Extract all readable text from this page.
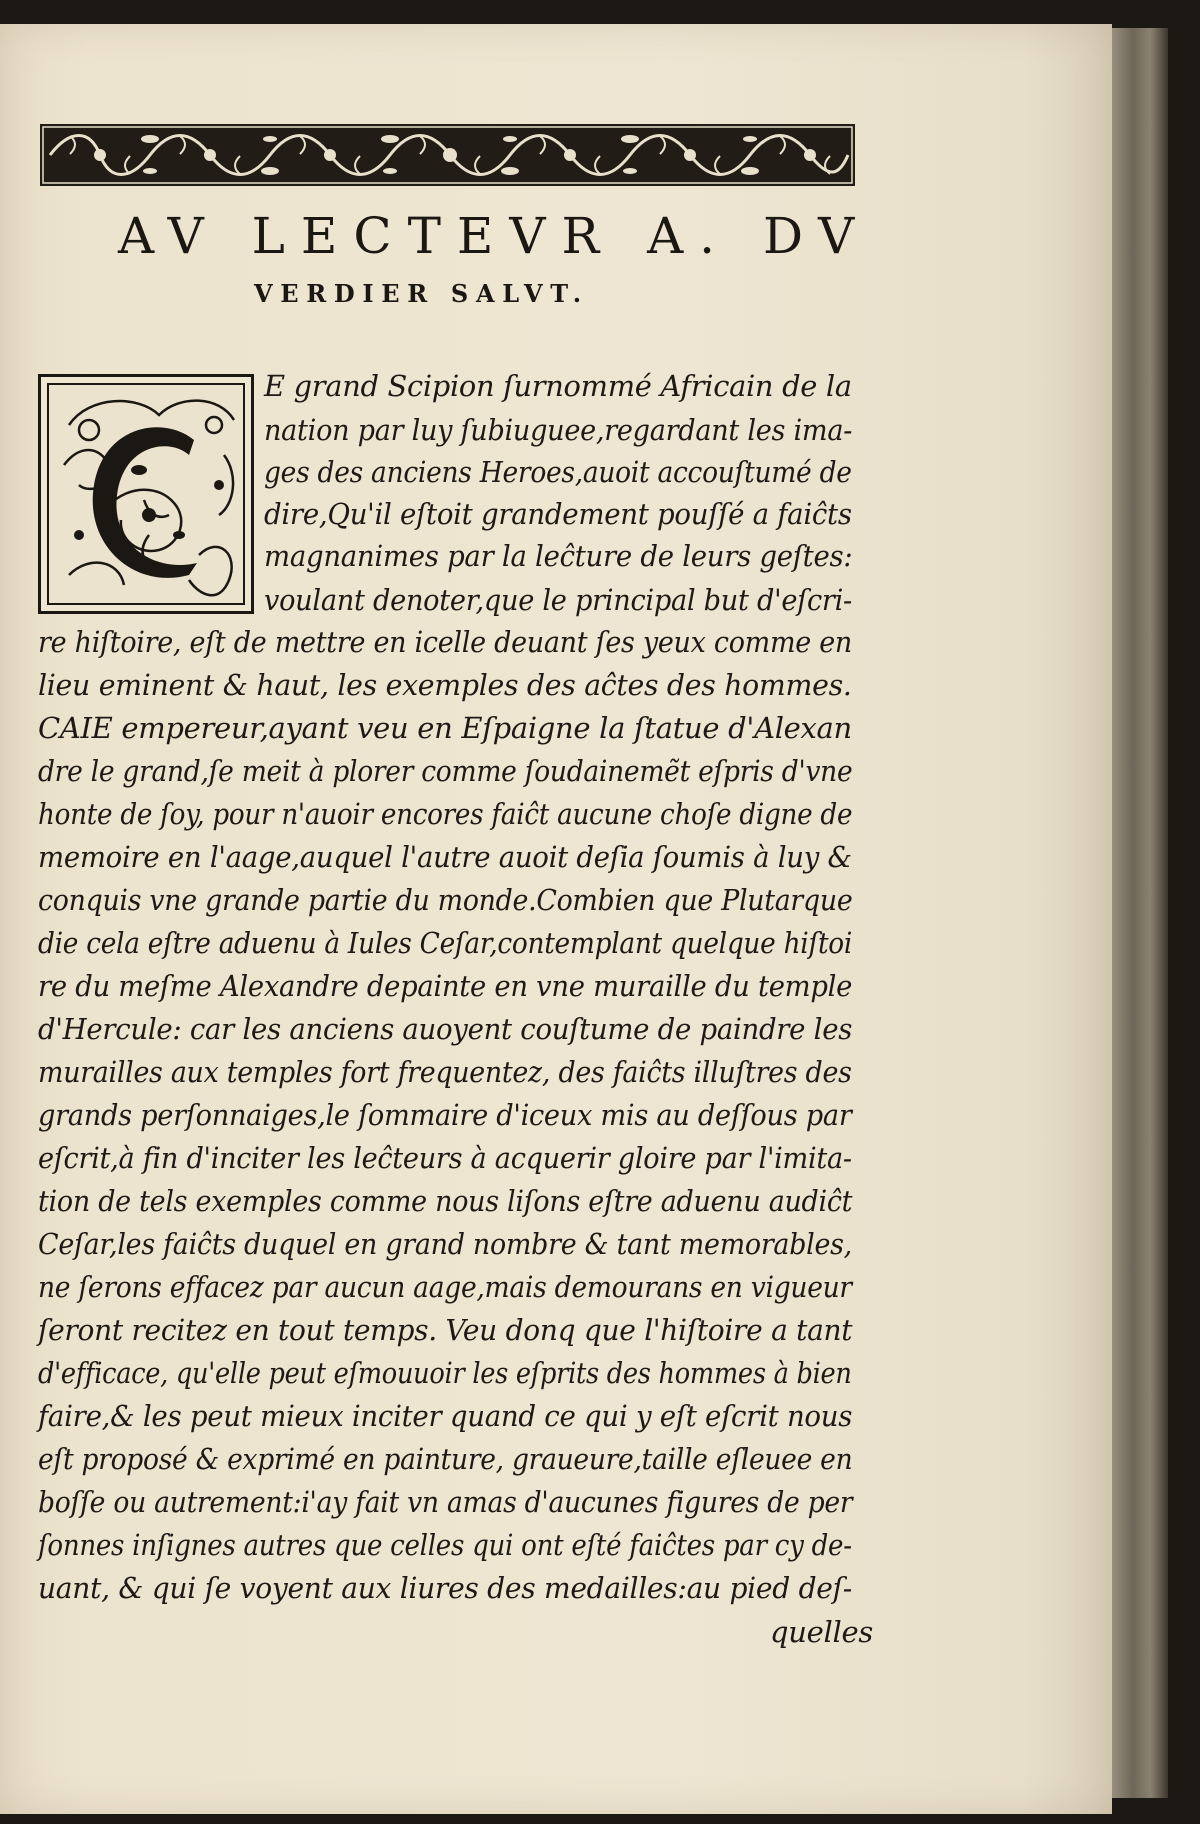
AV LECTEVR A. DV
VERDIER SALVT.
E grand Scipion ſurnommé Africain de la
nation par luy ſubiuguee,regardant les ima-
ges des anciens Heroes,auoit accouſtumé de
dire,Qu'il eſtoit grandement pouſſé a faiĉts
magnanimes par la leĉture de leurs geſtes:
voulant denoter,que le principal but d'eſcri-
re hiſtoire, eſt de mettre en icelle deuant ſes yeux comme en
lieu eminent & haut, les exemples des aĉtes des hommes.
CAIE empereur,ayant veu en Eſpaigne la ſtatue d'Alexan
dre le grand,ſe meit à plorer comme ſoudainemẽt eſpris d'vne
honte de ſoy, pour n'auoir encores faiĉt aucune choſe digne de
memoire en l'aage,auquel l'autre auoit deſia ſoumis à luy &
conquis vne grande partie du monde.Combien que Plutarque
die cela eſtre aduenu à Iules Ceſar,contemplant quelque hiſtoi
re du meſme Alexandre depainte en vne muraille du temple
d'Hercule: car les anciens auoyent couſtume de paindre les
murailles aux temples fort frequentez, des faiĉts illuſtres des
grands perſonnaiges,le ſommaire d'iceux mis au deſſous par
eſcrit,à fin d'inciter les leĉteurs à acquerir gloire par l'imita-
tion de tels exemples comme nous liſons eſtre aduenu audiĉt
Ceſar,les faiĉts duquel en grand nombre & tant memorables,
ne ſerons effacez par aucun aage,mais demourans en vigueur
ſeront recitez en tout temps. Veu donq que l'hiſtoire a tant
d'efficace, qu'elle peut eſmouuoir les eſprits des hommes à bien
faire,& les peut mieux inciter quand ce qui y eſt eſcrit nous
eſt proposé & exprimé en painture, graueure,taille eſleuee en
boſſe ou autrement:i'ay fait vn amas d'aucunes figures de per
ſonnes inſignes autres que celles qui ont eſté faiĉtes par cy de-
uant, & qui ſe voyent aux liures des medailles:au pied deſ-
quelles
